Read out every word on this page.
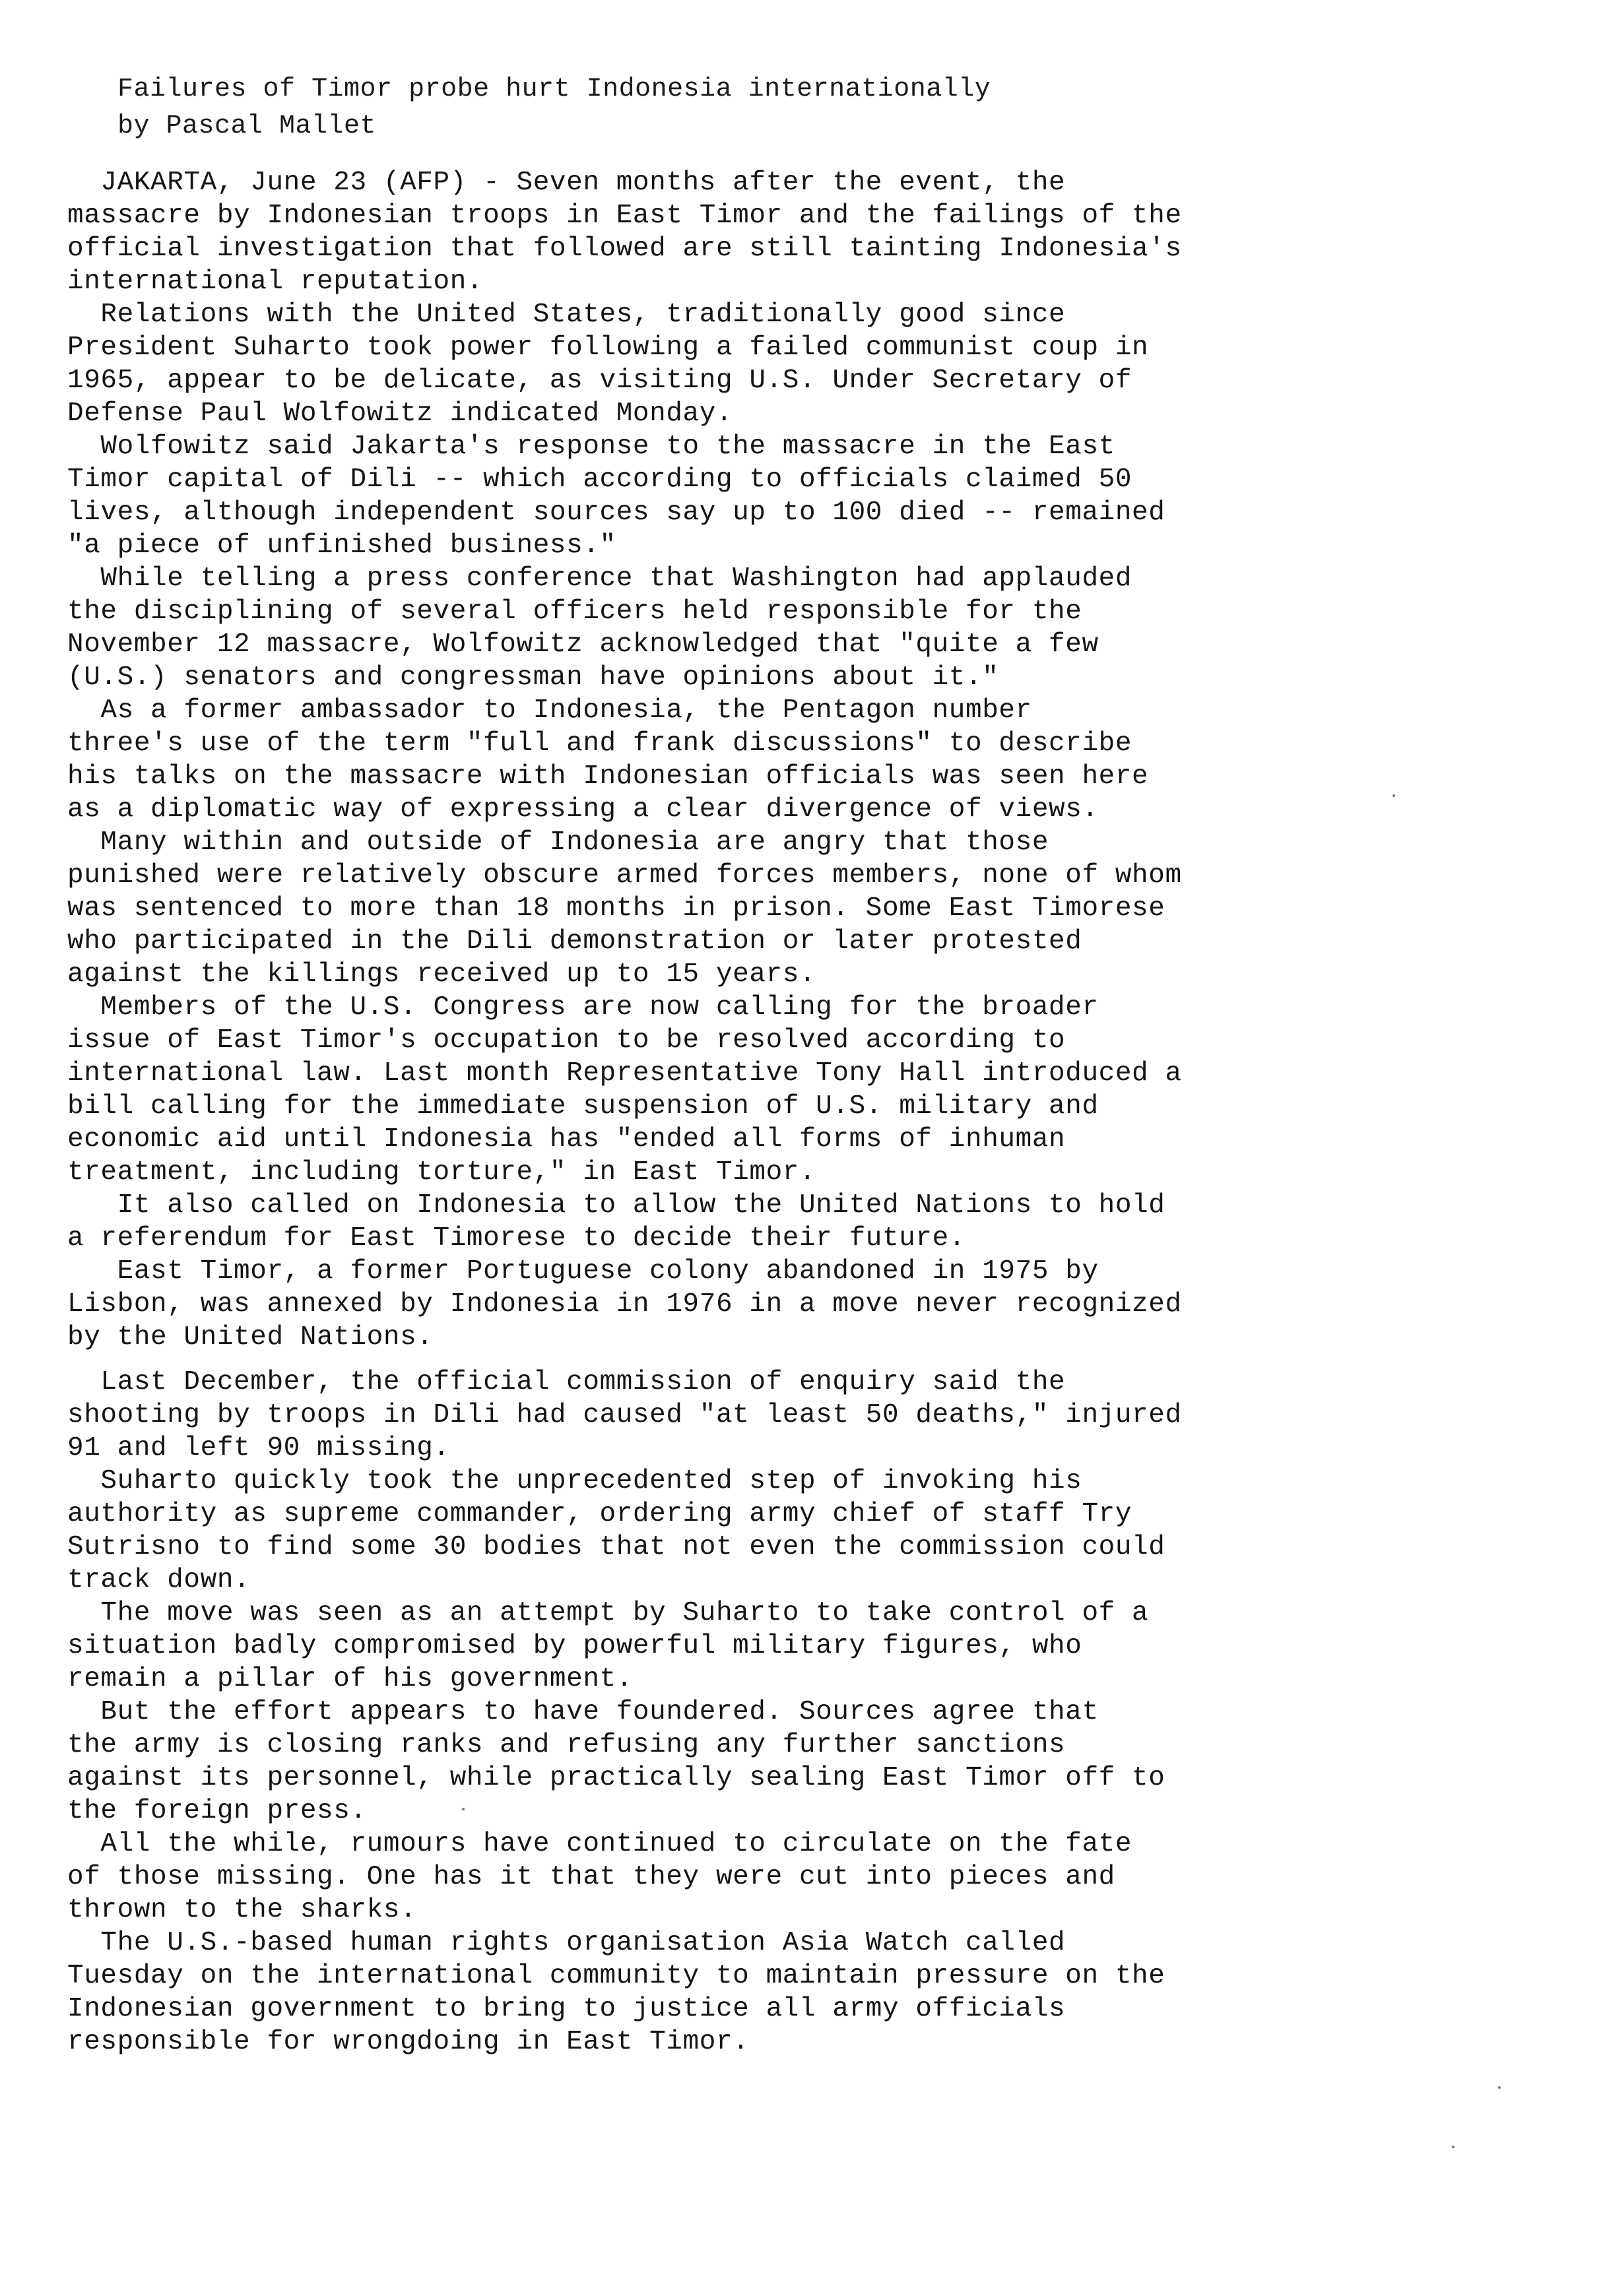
Failures of Timor probe hurt Indonesia internationally
by Pascal Mallet
JAKARTA, June 23 (AFP) - Seven months after the event, the
massacre by Indonesian troops in East Timor and the failings of the
official investigation that followed are still tainting Indonesia's
international reputation.
Relations with the United States, traditionally good since
President Suharto took power following a failed communist coup in
1965, appear to be delicate, as visiting U.S. Under Secretary of
Defense Paul Wolfowitz indicated Monday.
Wolfowitz said Jakarta's response to the massacre in the East
Timor capital of Dili -- which according to officials claimed 50
lives, although independent sources say up to 100 died -- remained
"a piece of unfinished business."
While telling a press conference that Washington had applauded
the disciplining of several officers held responsible for the
November 12 massacre, Wolfowitz acknowledged that "quite a few
(U.S.) senators and congressman have opinions about it."
As a former ambassador to Indonesia, the Pentagon number
three's use of the term "full and frank discussions" to describe
his talks on the massacre with Indonesian officials was seen here
as a diplomatic way of expressing a clear divergence of views.
Many within and outside of Indonesia are angry that those
punished were relatively obscure armed forces members, none of whom
was sentenced to more than 18 months in prison. Some East Timorese
who participated in the Dili demonstration or later protested
against the killings received up to 15 years.
Members of the U.S. Congress are now calling for the broader
issue of East Timor's occupation to be resolved according to
international law. Last month Representative Tony Hall introduced a
bill calling for the immediate suspension of U.S. military and
economic aid until Indonesia has "ended all forms of inhuman
treatment, including torture," in East Timor.
It also called on Indonesia to allow the United Nations to hold
a referendum for East Timorese to decide their future.
East Timor, a former Portuguese colony abandoned in 1975 by
Lisbon, was annexed by Indonesia in 1976 in a move never recognized
by the United Nations.
Last December, the official commission of enquiry said the
shooting by troops in Dili had caused "at least 50 deaths," injured
91 and left 90 missing.
Suharto quickly took the unprecedented step of invoking his
authority as supreme commander, ordering army chief of staff Try
Sutrisno to find some 30 bodies that not even the commission could
track down.
The move was seen as an attempt by Suharto to take control of a
situation badly compromised by powerful military figures, who
remain a pillar of his government.
But the effort appears to have foundered. Sources agree that
the army is closing ranks and refusing any further sanctions
against its personnel, while practically sealing East Timor off to
the foreign press.
All the while, rumours have continued to circulate on the fate
of those missing. One has it that they were cut into pieces and
thrown to the sharks.
The U.S.-based human rights organisation Asia Watch called
Tuesday on the international community to maintain pressure on the
Indonesian government to bring to justice all army officials
responsible for wrongdoing in East Timor.
